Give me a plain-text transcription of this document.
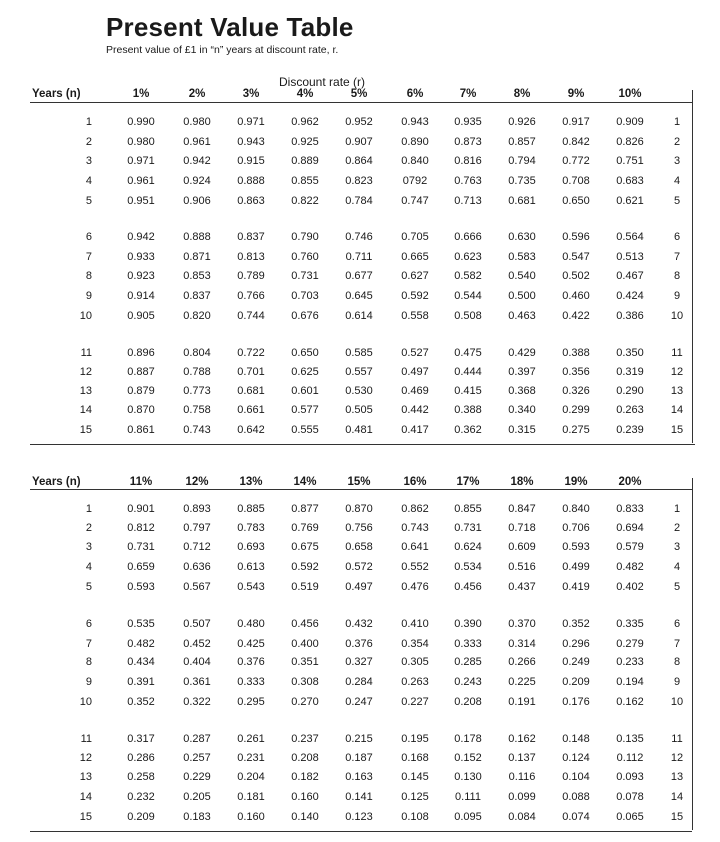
Present Value Table
Present value of £1 in “n” years at discount rate, r.
Discount rate (r)
Years (n)	1%	2%	3%	4%	5%	6%	7%	8%	9%	10%
1	0.990	0.980 0.971 0.962 0.952	0.943 0.935 0.926 0.917 0.909	1
2	0.980	0.961 0.943 0.925 0.907	0.890 0.873 0.857 0.842 0.826	2
3	0.971	0.942 0.915 0.889 0.864	0.840 0.816 0.794 0.772 0.751	3
4	0.961	0.924 0.888 0.855 0.823	0792 0.763 0.735 0.708 0.683	4
5	0.951	0.906 0.863 0.822 0.784	0.747 0.713 0.681 0.650 0.621	5
6	0.942	0.888 0.837 0.790 0.746	0.705 0.666 0.630 0.596 0.564	6
7	0.933	0.871 0.813 0.760 0.711	0.665 0.623 0.583 0.547 0.513	7
8	0.923	0.853 0.789 0.731 0.677	0.627 0.582 0.540 0.502 0.467	8
9	0.914	0.837 0.766 0.703 0.645	0.592 0.544 0.500 0.460 0.424	9
10	0.905	0.820 0.744 0.676 0.614	0.558 0.508 0.463 0.422 0.386 10
11	0.896	0.804 0.722 0.650 0.585	0.527 0.475 0.429 0.388 0.350	11
12	0.887	0.788 0.701 0.625 0.557	0.497 0.444 0.397 0.356 0.319 12
13	0.879	0.773 0.681 0.601 0.530	0.469 0.415 0.368 0.326 0.290 13
14	0.870	0.758 0.661 0.577 0.505	0.442 0.388 0.340 0.299 0.263 14
15	0.861	0.743 0.642 0.555 0.481	0.417 0.362 0.315 0.275 0.239 15
Years (n)	11%	12%	13%	14%	15%	16%	17%	18%	19%	20%
1	0.901	0.893 0.885 0.877 0.870	0.862 0.855 0.847 0.840 0.833	1
2	0.812	0.797 0.783 0.769 0.756	0.743 0.731 0.718 0.706 0.694	2
3	0.731	0.712 0.693 0.675 0.658	0.641 0.624 0.609 0.593 0.579	3
4	0.659	0.636 0.613 0.592 0.572	0.552 0.534 0.516 0.499 0.482	4
5	0.593	0.567 0.543 0.519 0.497	0.476 0.456 0.437 0.419 0.402	5
6	0.535	0.507 0.480 0.456 0.432	0.410 0.390 0.370 0.352 0.335	6
7	0.482	0.452 0.425 0.400 0.376	0.354 0.333 0.314 0.296 0.279	7
8	0.434	0.404 0.376 0.351 0.327	0.305 0.285 0.266 0.249 0.233	8
9	0.391	0.361 0.333 0.308 0.284	0.263 0.243 0.225 0.209 0.194	9
10	0.352	0.322 0.295 0.270 0.247	0.227 0.208 0.191 0.176 0.162 10
11	0.317	0.287 0.261 0.237 0.215	0.195 0.178 0.162 0.148 0.135	11
12	0.286	0.257 0.231 0.208 0.187	0.168 0.152 0.137 0.124 0.112	12
13	0.258	0.229 0.204 0.182 0.163	0.145 0.130 0.116 0.104 0.093 13
14	0.232	0.205 0.181 0.160 0.141	0.125 0.111 0.099 0.088 0.078 14
15	0.209	0.183 0.160 0.140 0.123	0.108 0.095 0.084 0.074 0.065 15
